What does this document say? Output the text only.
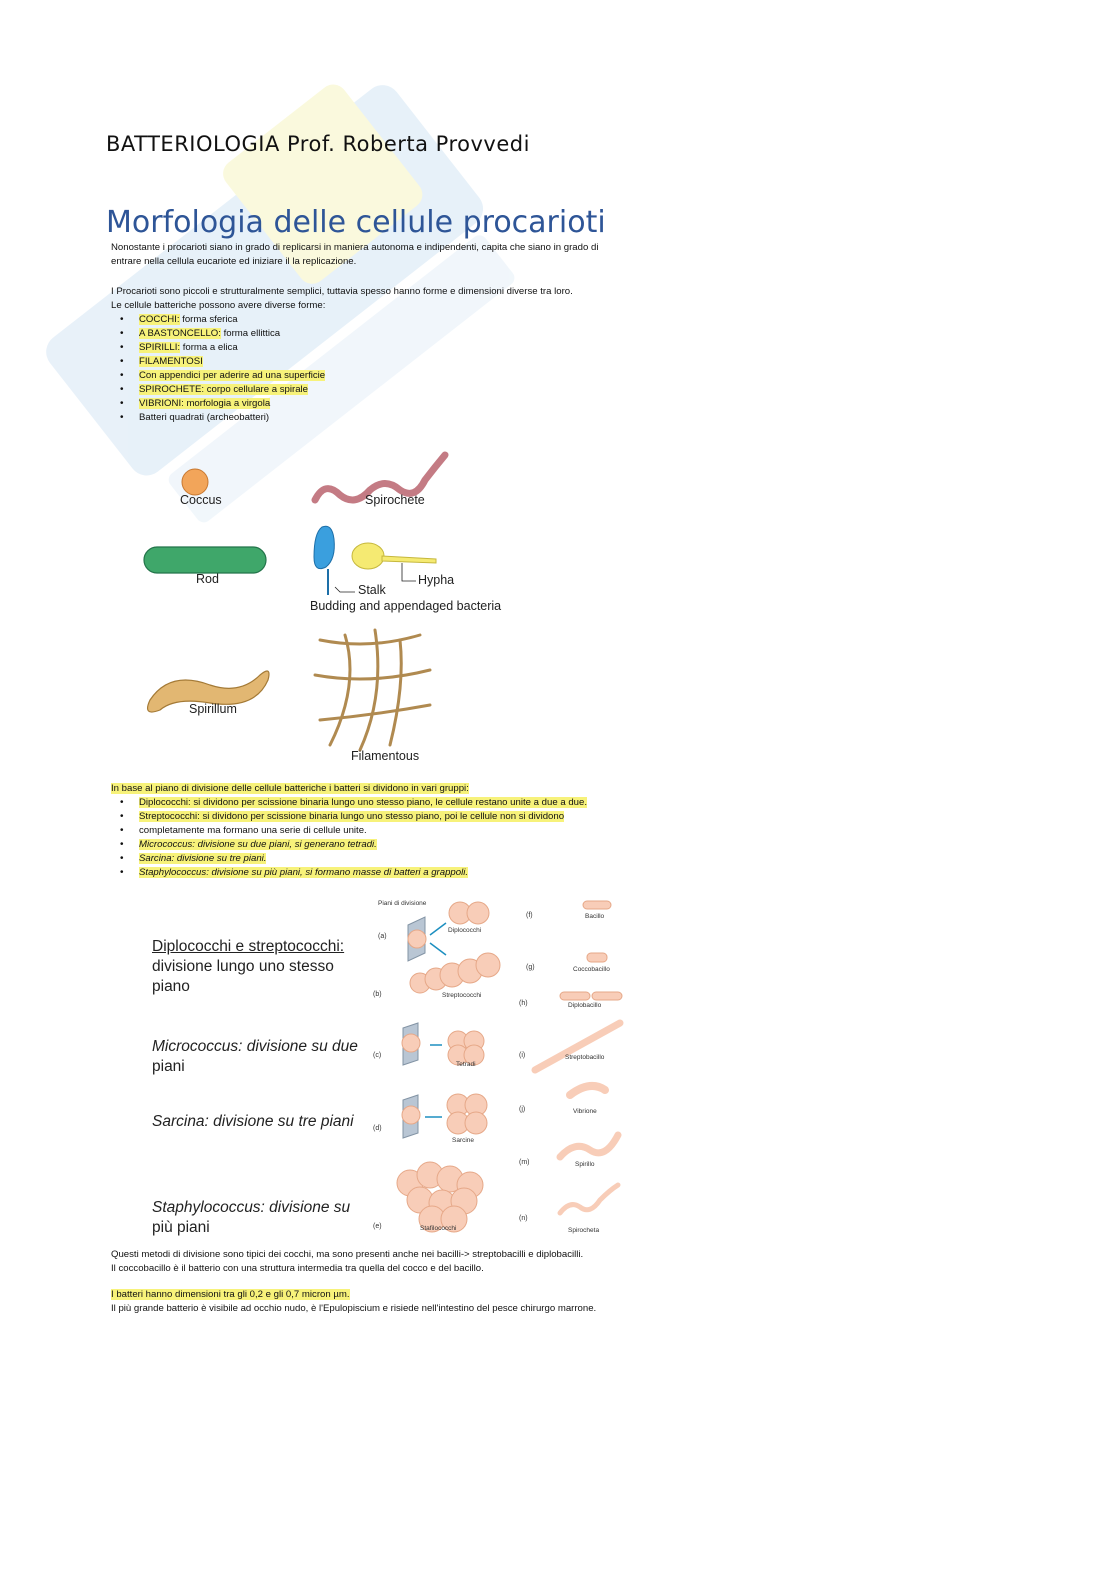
BATTERIOLOGIA Prof. Roberta Provvedi
Morfologia delle cellule procarioti
Nonostante i procarioti siano in grado di replicarsi in maniera autonoma e indipendenti, capita che siano in grado di
entrare nella cellula eucariote ed iniziare il la replicazione.
I Procarioti sono piccoli e strutturalmente semplici, tuttavia spesso hanno forme e dimensioni diverse tra loro.
Le cellule batteriche possono avere diverse forme:
• COCCHI: forma sferica
• A BASTONCELLO: forma ellittica
• SPIRILLI: forma a elica
• FILAMENTOSI
• Con appendici per aderire ad una superficie
• SPIROCHETE: corpo cellulare a spirale
• VIBRIONI: morfologia a virgola
• Batteri quadrati (archeobatteri)
Coccus	Spirochete
Rod
Stalk
Hypha
Budding and appendaged bacteria
Spirillum
Filamentous
In base al piano di divisione delle cellule batteriche i batteri si dividono in vari gruppi:
• Diplococchi: si dividono per scissione binaria lungo uno stesso piano, le cellule restano unite a due a due.
• Streptococchi: si dividono per scissione binaria lungo uno stesso piano, poi le cellule non si dividono
• completamente ma formano una serie di cellule unite.
• Micrococcus: divisione su due piani, si generano tetradi.
• Sarcina: divisione su tre piani.
• Staphylococcus: divisione su più piani, si formano masse di batteri a grappoli.
Piani di divisione
Diplococchi e streptococchi:
divisione lungo uno stesso
piano
Micrococcus: divisione su due
piani
Sarcina: divisione su tre piani
Staphylococcus: divisione su
più piani
(a)
(b)
(c)
(d)
(e)
(f)
(g)
(h)
(i)
(j)
(m)
(n)
Diplococchi
Streptococchi
Tetradi
Sarcine
Stafilococchi
Bacillo
Coccobacillo
Diplobacillo
Streptobacillo
Vibrione
Spirillo
Spirocheta
Questi metodi di divisione sono tipici dei cocchi, ma sono presenti anche nei bacilli-> streptobacilli e diplobacilli.
Il coccobacillo è il batterio con una struttura intermedia tra quella del cocco e del bacillo.
I batteri hanno dimensioni tra gli 0,2 e gli 0,7 micron µm.
Il più grande batterio è visibile ad occhio nudo, è l'Epulopiscium e risiede nell'intestino del pesce chirurgo marrone.
